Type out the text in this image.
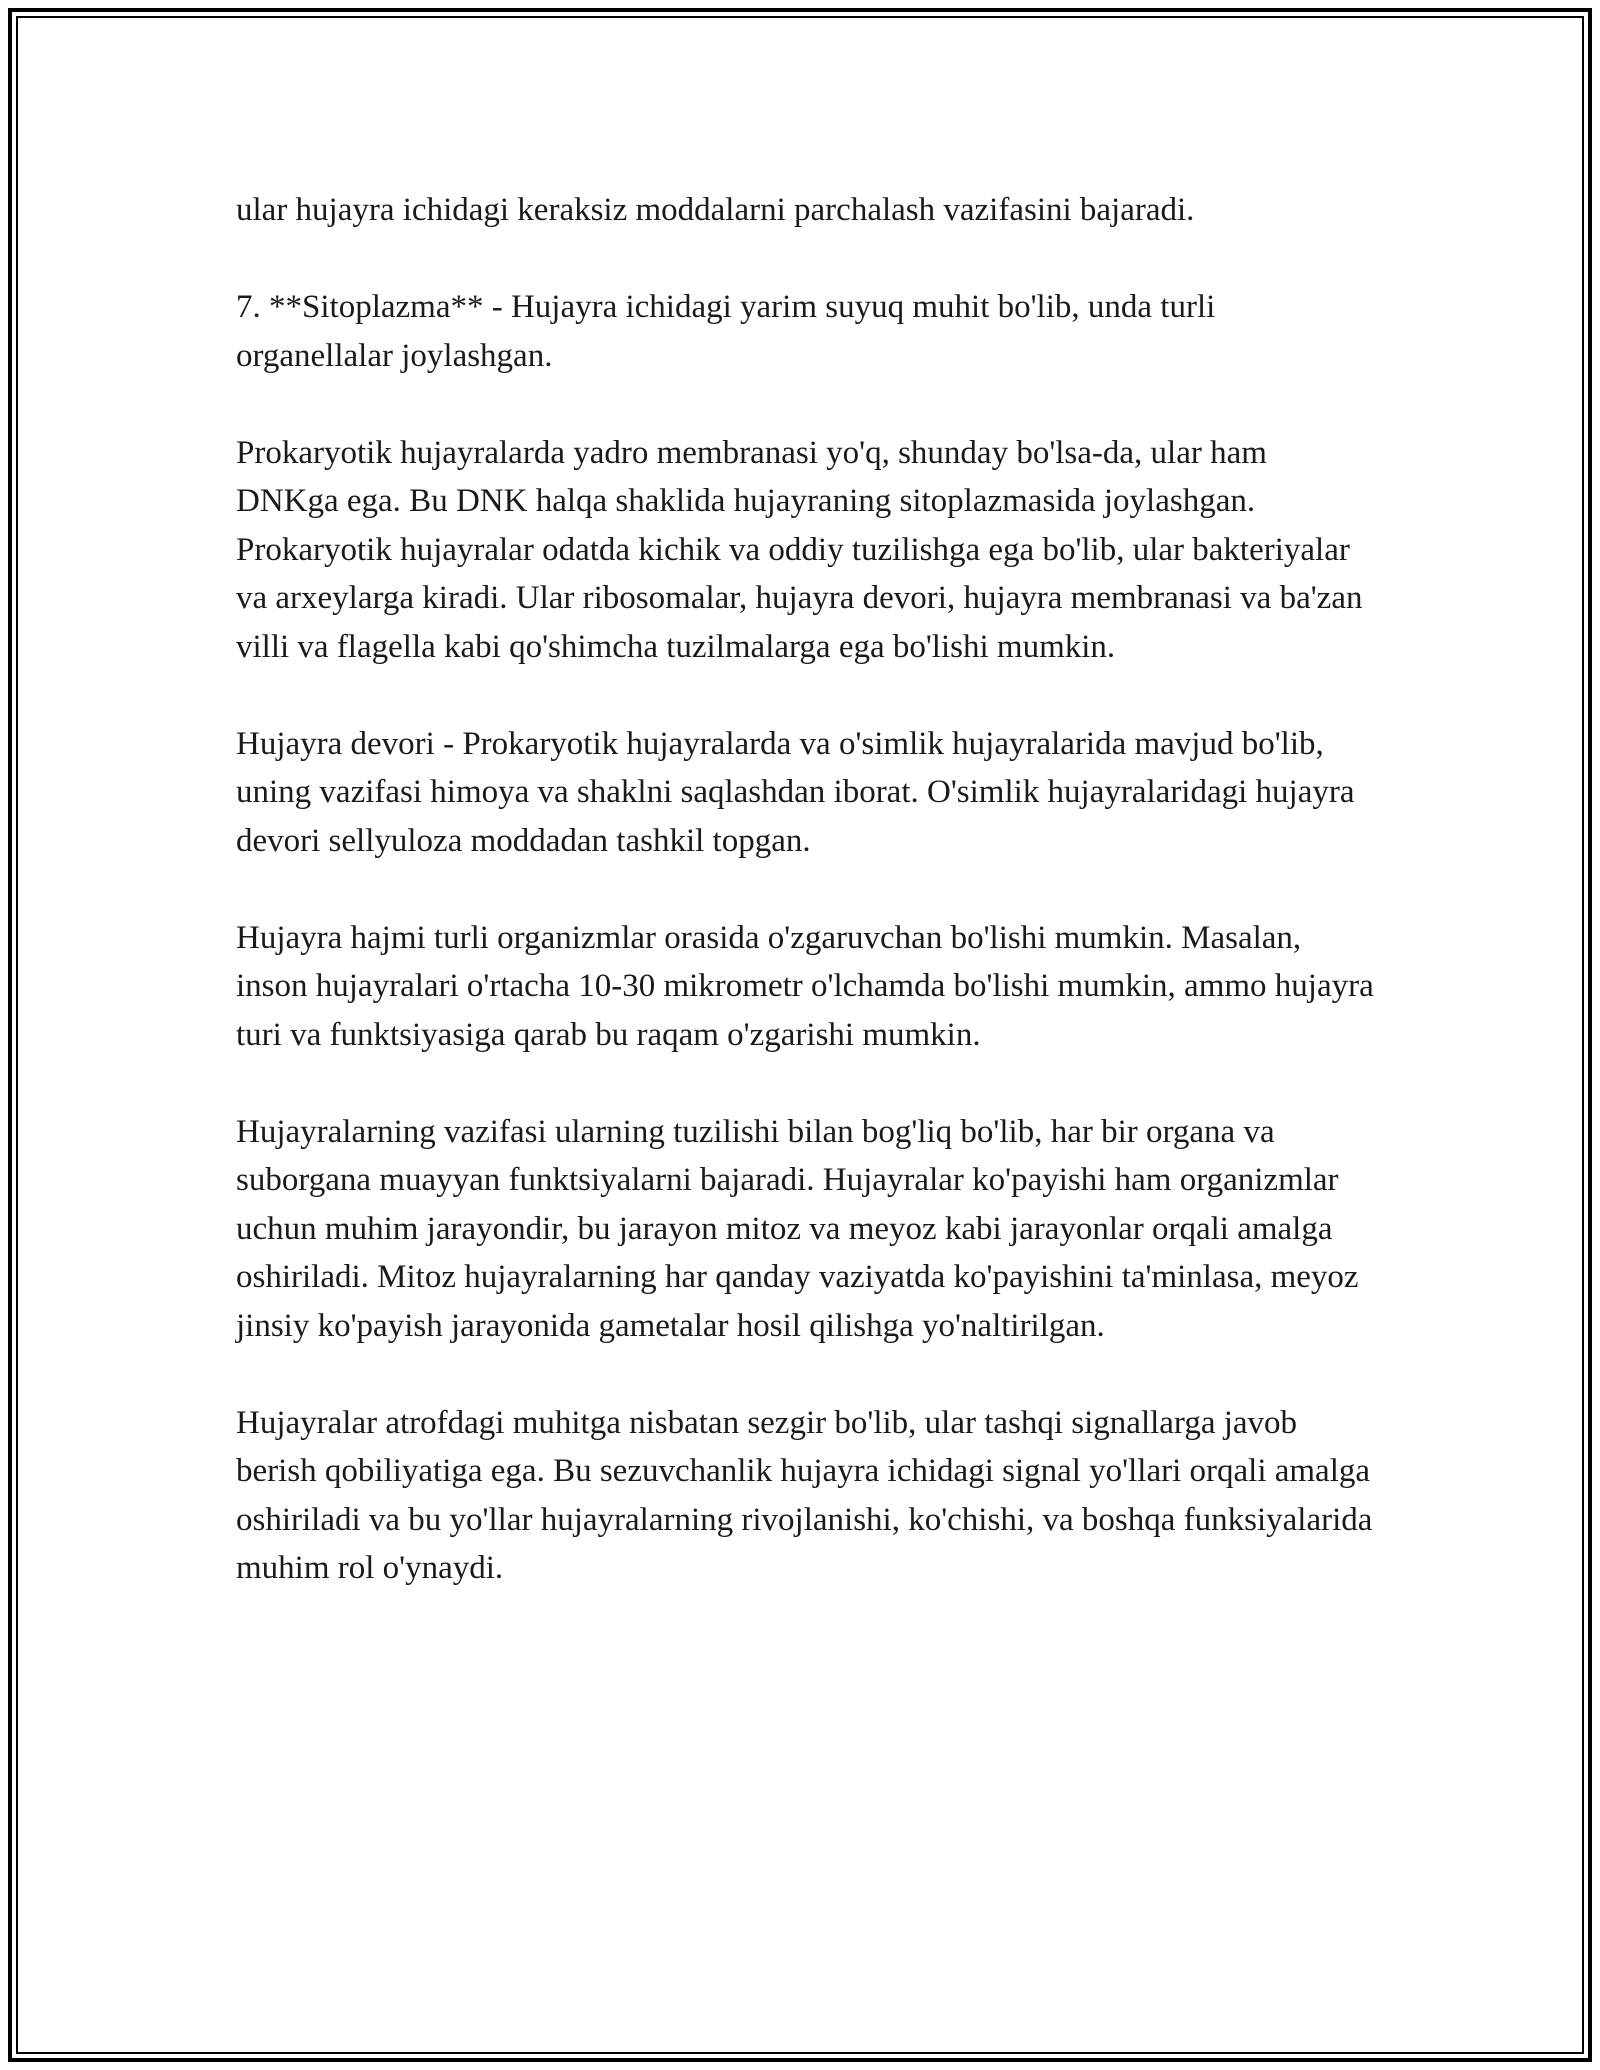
ular hujayra ichidagi keraksiz moddalarni parchalash vazifasini bajaradi.

7. **Sitoplazma** - Hujayra ichidagi yarim suyuq muhit bo'lib, unda turli organellalar joylashgan.

Prokaryotik hujayralarda yadro membranasi yo'q, shunday bo'lsa-da, ular ham DNKga ega. Bu DNK halqa shaklida hujayraning sitoplazmasida joylashgan. Prokaryotik hujayralar odatda kichik va oddiy tuzilishga ega bo'lib, ular bakteriyalar va arxeylarga kiradi. Ular ribosomalar, hujayra devori, hujayra membranasi va ba'zan villi va flagella kabi qo'shimcha tuzilmalarga ega bo'lishi mumkin.

Hujayra devori - Prokaryotik hujayralarda va o'simlik hujayralarida mavjud bo'lib, uning vazifasi himoya va shaklni saqlashdan iborat. O'simlik hujayralaridagi hujayra devori sellyuloza moddadan tashkil topgan.

Hujayra hajmi turli organizmlar orasida o'zgaruvchan bo'lishi mumkin. Masalan, inson hujayralari o'rtacha 10-30 mikrometr o'lchamda bo'lishi mumkin, ammo hujayra turi va funktsiyasiga qarab bu raqam o'zgarishi mumkin.

Hujayralarning vazifasi ularning tuzilishi bilan bog'liq bo'lib, har bir organa va suborgana muayyan funktsiyalarni bajaradi. Hujayralar ko'payishi ham organizmlar uchun muhim jarayondir, bu jarayon mitoz va meyoz kabi jarayonlar orqali amalga oshiriladi. Mitoz hujayralarning har qanday vaziyatda ko'payishini ta'minlasa, meyoz jinsiy ko'payish jarayonida gametalar hosil qilishga yo'naltirilgan.

Hujayralar atrofdagi muhitga nisbatan sezgir bo'lib, ular tashqi signallarga javob berish qobiliyatiga ega. Bu sezuvchanlik hujayra ichidagi signal yo'llari orqali amalga oshiriladi va bu yo'llar hujayralarning rivojlanishi, ko'chishi, va boshqa funksiyalarida muhim rol o'ynaydi.
